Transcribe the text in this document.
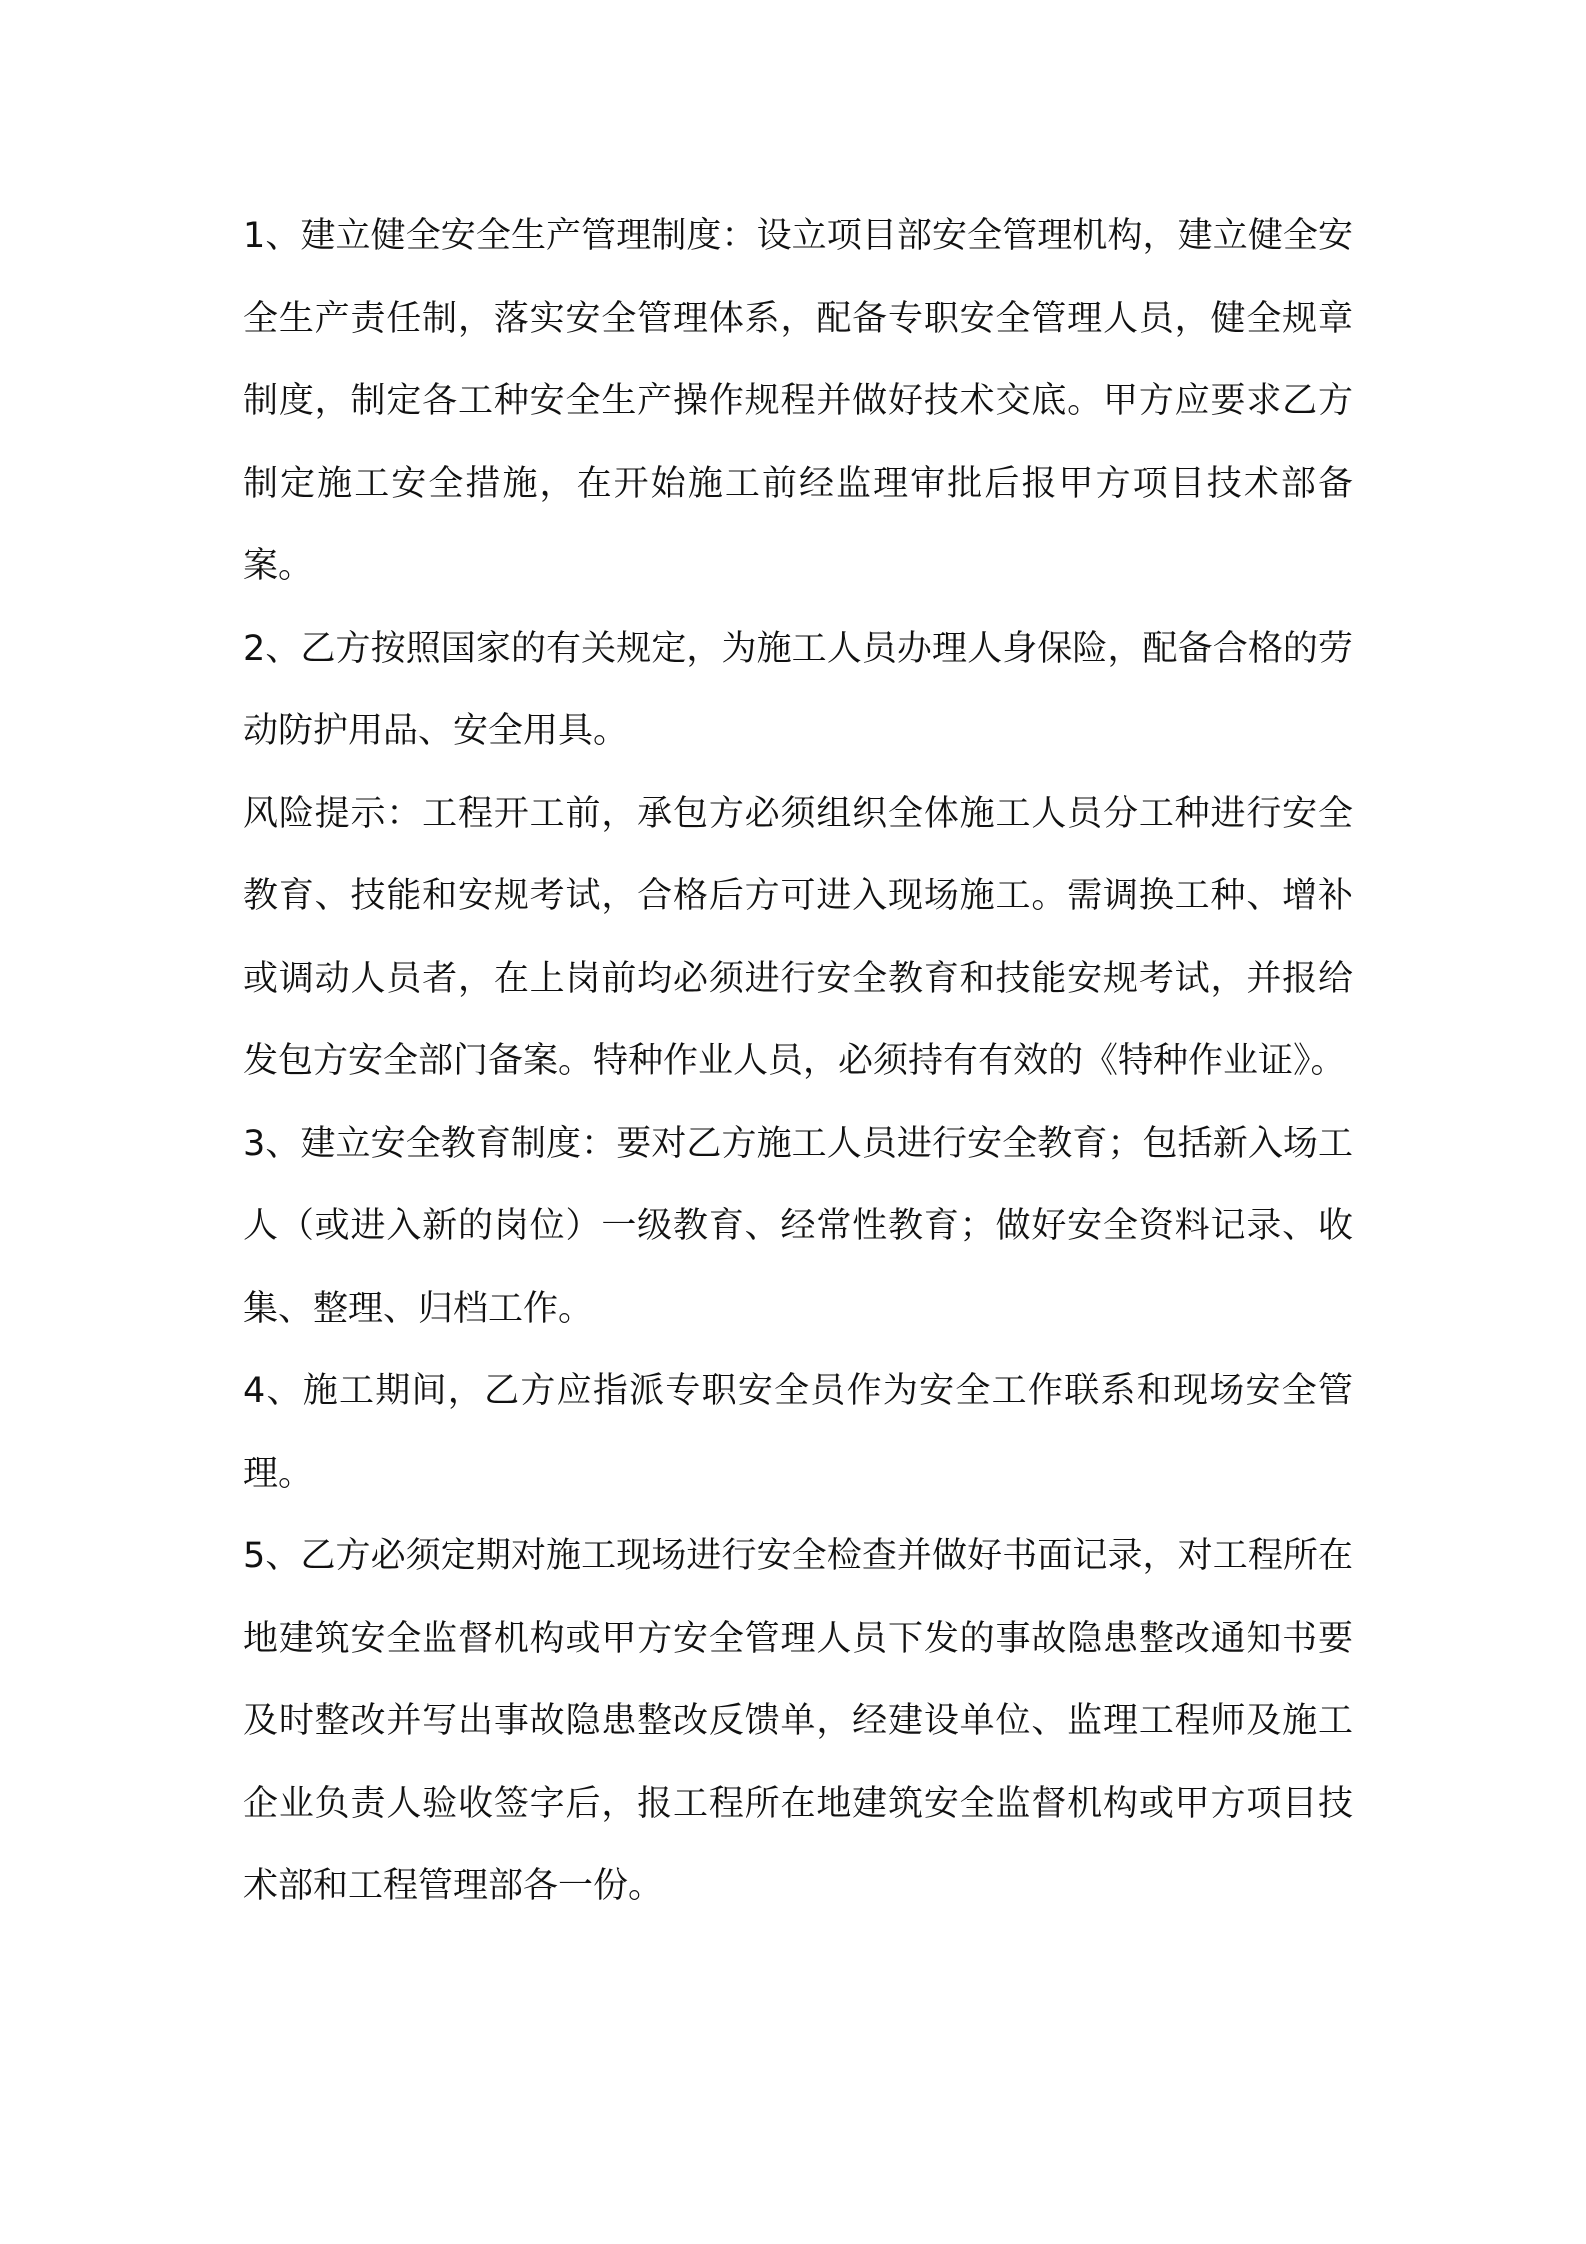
1、建立健全安全生产管理制度：设立项目部安全管理机构，建立健全安全生产责任制，落实安全管理体系，配备专职安全管理人员，健全规章制度，制定各工种安全生产操作规程并做好技术交底。甲方应要求乙方制定施工安全措施，在开始施工前经监理审批后报甲方项目技术部备案。

2、乙方按照国家的有关规定，为施工人员办理人身保险，配备合格的劳动防护用品、安全用具。

风险提示：工程开工前，承包方必须组织全体施工人员分工种进行安全教育、技能和安规考试，合格后方可进入现场施工。需调换工种、增补或调动人员者，在上岗前均必须进行安全教育和技能安规考试，并报给发包方安全部门备案。特种作业人员，必须持有有效的《特种作业证》。

3、建立安全教育制度：要对乙方施工人员进行安全教育；包括新入场工人（或进入新的岗位）一级教育、经常性教育；做好安全资料记录、收集、整理、归档工作。

4、施工期间，乙方应指派专职安全员作为安全工作联系和现场安全管理。

5、乙方必须定期对施工现场进行安全检查并做好书面记录，对工程所在地建筑安全监督机构或甲方安全管理人员下发的事故隐患整改通知书要及时整改并写出事故隐患整改反馈单，经建设单位、监理工程师及施工企业负责人验收签字后，报工程所在地建筑安全监督机构或甲方项目技术部和工程管理部各一份。
